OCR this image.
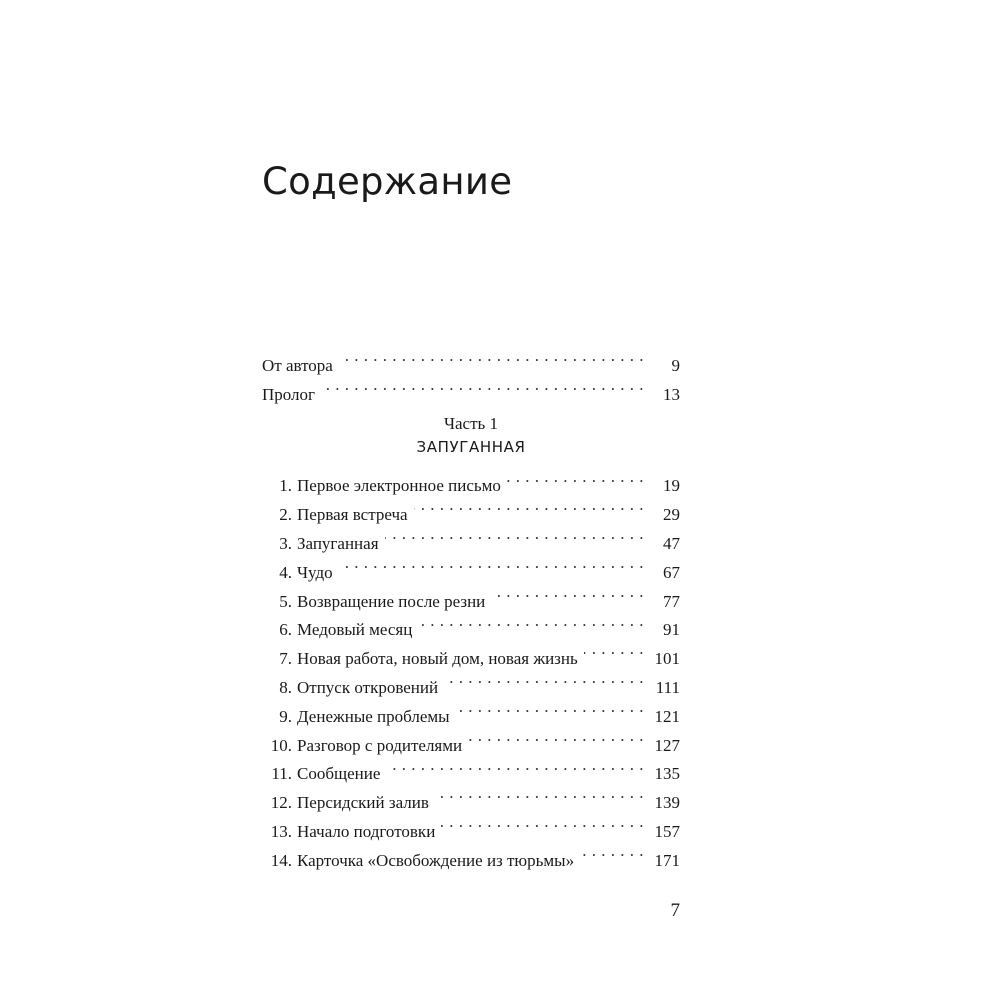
Содержание
От автора . . .	9
Пролог . . .	13
Часть 1
ЗАПУГАННАЯ
1. Первое электронное письмо . . .	19
2. Первая встреча . . .	29
3. Запуганная . . .	47
4. Чудо . . .	67
5. Возвращение после резни . . .	77
6. Медовый месяц . . .	91
7. Новая работа, новый дом, новая жизнь . . .	101
8. Отпуск откровений . . .	111
9. Денежные проблемы . . .	121
10. Разговор с родителями . . .	127
11. Сообщение . . .	135
12. Персидский залив . . .	139
13. Начало подготовки . . .	157
14. Карточка «Освобождение из тюрьмы» . . .	171
7
